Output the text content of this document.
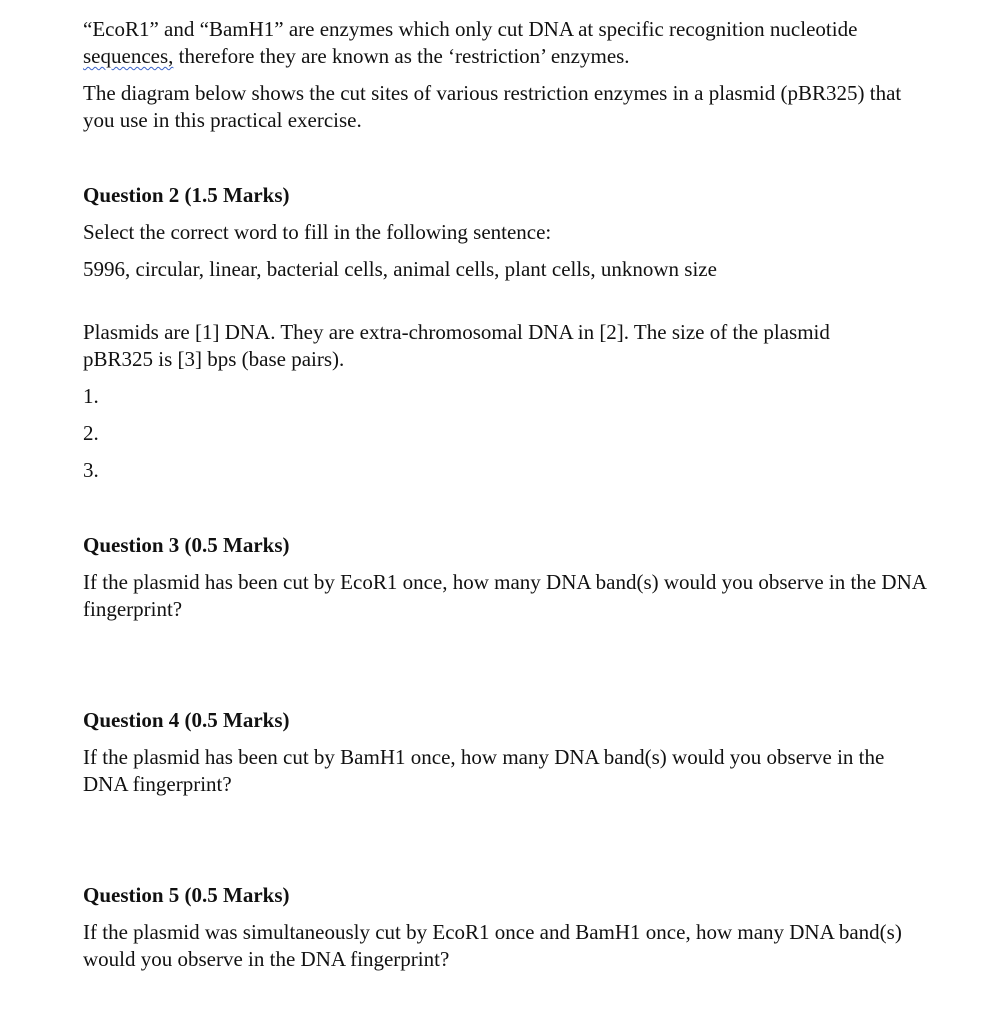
“EcoR1” and “BamH1” are enzymes which only cut DNA at specific recognition nucleotide
sequences, therefore they are known as the ‘restriction’ enzymes.

The diagram below shows the cut sites of various restriction enzymes in a plasmid (pBR325) that you use in this practical exercise.

Question 2 (1.5 Marks)

Select the correct word to fill in the following sentence:

5996, circular, linear, bacterial cells, animal cells, plant cells, unknown size

Plasmids are [1] DNA. They are extra-chromosomal DNA in [2]. The size of the plasmid pBR325 is [3] bps (base pairs).

1.

2.

3.

Question 3 (0.5 Marks)

If the plasmid has been cut by EcoR1 once, how many DNA band(s) would you observe in the DNA fingerprint?

Question 4 (0.5 Marks)

If the plasmid has been cut by BamH1 once, how many DNA band(s) would you observe in the DNA fingerprint?

Question 5 (0.5 Marks)

If the plasmid was simultaneously cut by EcoR1 once and BamH1 once, how many DNA band(s) would you observe in the DNA fingerprint?
